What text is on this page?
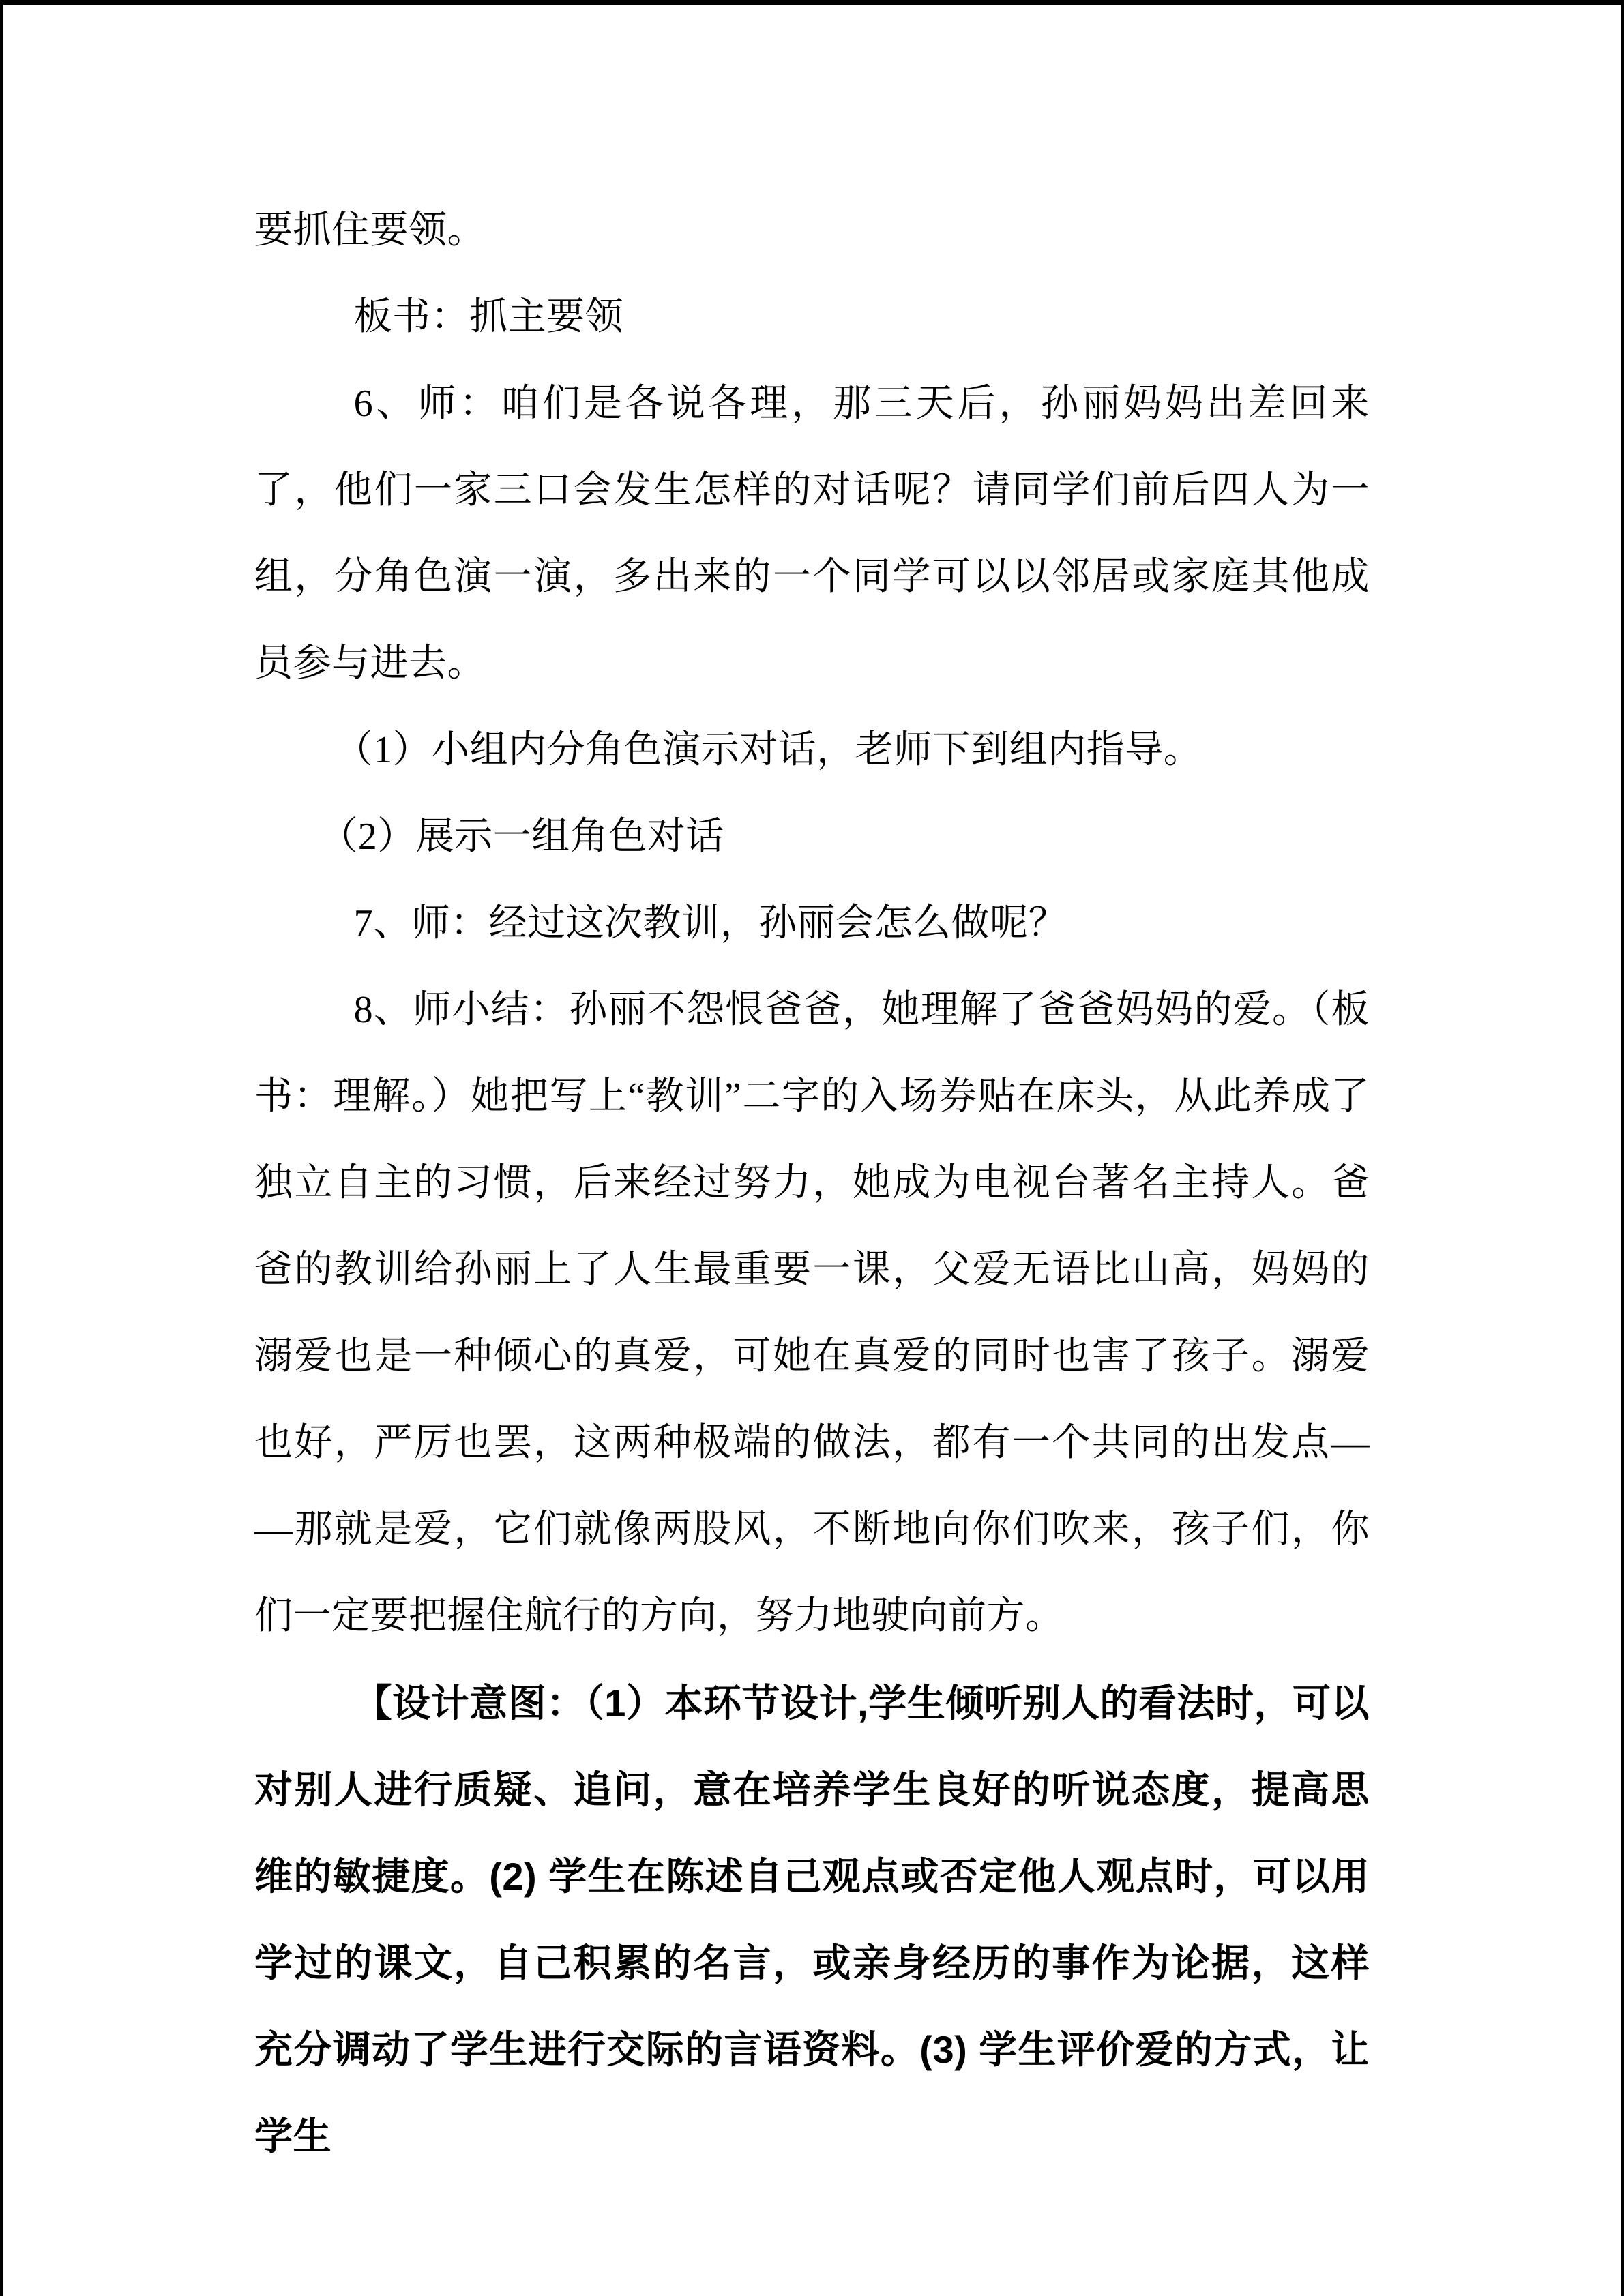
要抓住要领。

板书：抓主要领

6、师：咱们是各说各理，那三天后，孙丽妈妈出差回来了，他们一家三口会发生怎样的对话呢？请同学们前后四人为一组，分角色演一演，多出来的一个同学可以以邻居或家庭其他成员参与进去。

（1）小组内分角色演示对话，老师下到组内指导。

（2）展示一组角色对话

7、师：经过这次教训，孙丽会怎么做呢？

8、师小结：孙丽不怨恨爸爸，她理解了爸爸妈妈的爱。（板书：理解。）她把写上“教训”二字的入场券贴在床头，从此养成了独立自主的习惯，后来经过努力，她成为电视台著名主持人。爸爸的教训给孙丽上了人生最重要一课，父爱无语比山高，妈妈的溺爱也是一种倾心的真爱，可她在真爱的同时也害了孩子。溺爱也好，严厉也罢，这两种极端的做法，都有一个共同的出发点— —那就是爱，它们就像两股风，不断地向你们吹来，孩子们，你们一定要把握住航行的方向，努力地驶向前方。

【设计意图：（1）本环节设计,学生倾听别人的看法时，可以对别人进行质疑、追问，意在培养学生良好的听说态度，提高思维的敏捷度。(2) 学生在陈述自己观点或否定他人观点时，可以用学过的课文，自己积累的名言，或亲身经历的事作为论据，这样充分调动了学生进行交际的言语资料。(3) 学生评价爱的方式，让学生
